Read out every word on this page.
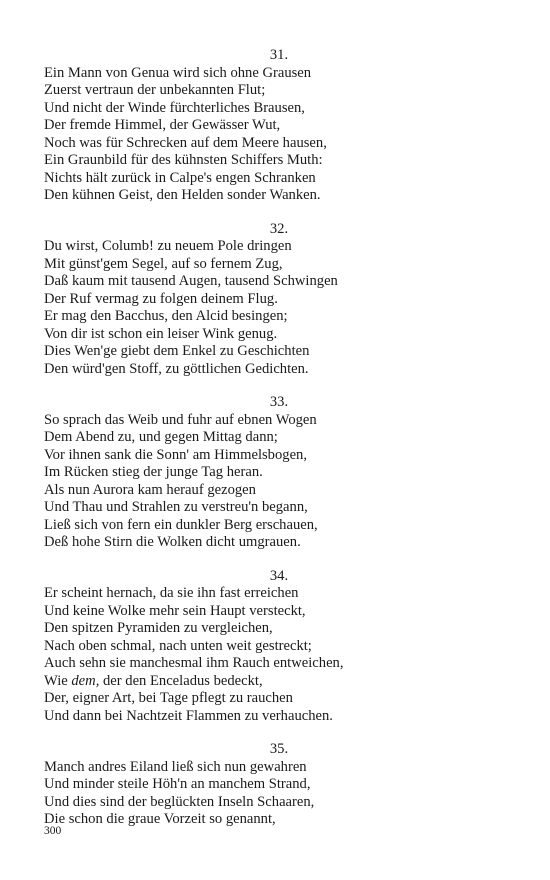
31.
Ein Mann von Genua wird sich ohne Grausen
Zuerst vertraun der unbekannten Flut;
Und nicht der Winde fürchterliches Brausen,
Der fremde Himmel, der Gewässer Wut,
Noch was für Schrecken auf dem Meere hausen,
Ein Graunbild für des kühnsten Schiffers Muth:
Nichts hält zurück in Calpe's engen Schranken
Den kühnen Geist, den Helden sonder Wanken.
32.
Du wirst, Columb! zu neuem Pole dringen
Mit günst'gem Segel, auf so fernem Zug,
Daß kaum mit tausend Augen, tausend Schwingen
Der Ruf vermag zu folgen deinem Flug.
Er mag den Bacchus, den Alcid besingen;
Von dir ist schon ein leiser Wink genug.
Dies Wen'ge giebt dem Enkel zu Geschichten
Den würd'gen Stoff, zu göttlichen Gedichten.
33.
So sprach das Weib und fuhr auf ebnen Wogen
Dem Abend zu, und gegen Mittag dann;
Vor ihnen sank die Sonn' am Himmelsbogen,
Im Rücken stieg der junge Tag heran.
Als nun Aurora kam herauf gezogen
Und Thau und Strahlen zu verstreu'n begann,
Ließ sich von fern ein dunkler Berg erschauen,
Deß hohe Stirn die Wolken dicht umgrauen.
34.
Er scheint hernach, da sie ihn fast erreichen
Und keine Wolke mehr sein Haupt versteckt,
Den spitzen Pyramiden zu vergleichen,
Nach oben schmal, nach unten weit gestreckt;
Auch sehn sie manchesmal ihm Rauch entweichen,
Wie dem, der den Enceladus bedeckt,
Der, eigner Art, bei Tage pflegt zu rauchen
Und dann bei Nachtzeit Flammen zu verhauchen.
35.
Manch andres Eiland ließ sich nun gewahren
Und minder steile Höh'n an manchem Strand,
Und dies sind der beglückten Inseln Schaaren,
Die schon die graue Vorzeit so genannt,
300
